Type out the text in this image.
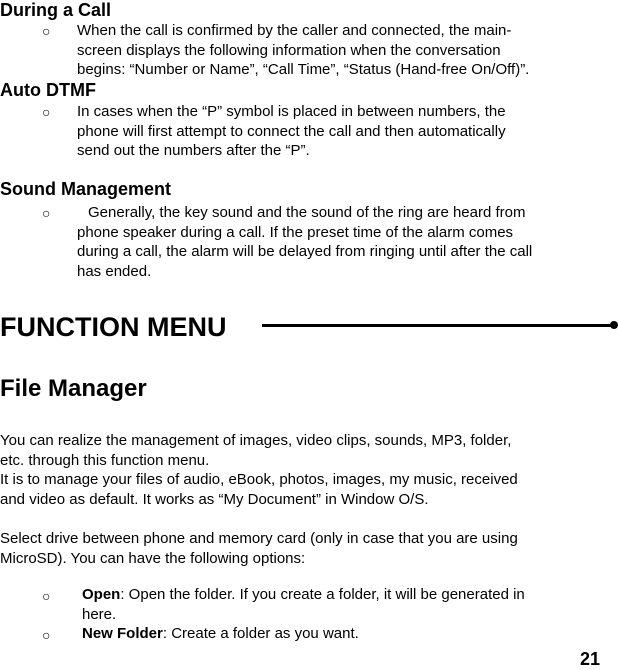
During a Call
○ When the call is confirmed by the caller and connected, the main-
screen displays the following information when the conversation
begins: “Number or Name”, “Call Time”, “Status (Hand-free On/Off)”.
Auto DTMF
○ In cases when the “P” symbol is placed in between numbers, the
phone will first attempt to connect the call and then automatically
send out the numbers after the “P”.
Sound Management
○	Generally, the key sound and the sound of the ring are heard from
phone speaker during a call. If the preset time of the alarm comes
during a call, the alarm will be delayed from ringing until after the call
has ended.
FUNCTION MENU
File Manager
You can realize the management of images, video clips, sounds, MP3, folder,
etc. through this function menu.
It is to manage your files of audio, eBook, photos, images, my music, received
and video as default. It works as “My Document” in Window O/S.
Select drive between phone and memory card (only in case that you are using
MicroSD). You can have the following options:
○ Open: Open the folder. If you create a folder, it will be generated in
here.
○ New Folder: Create a folder as you want.
21
